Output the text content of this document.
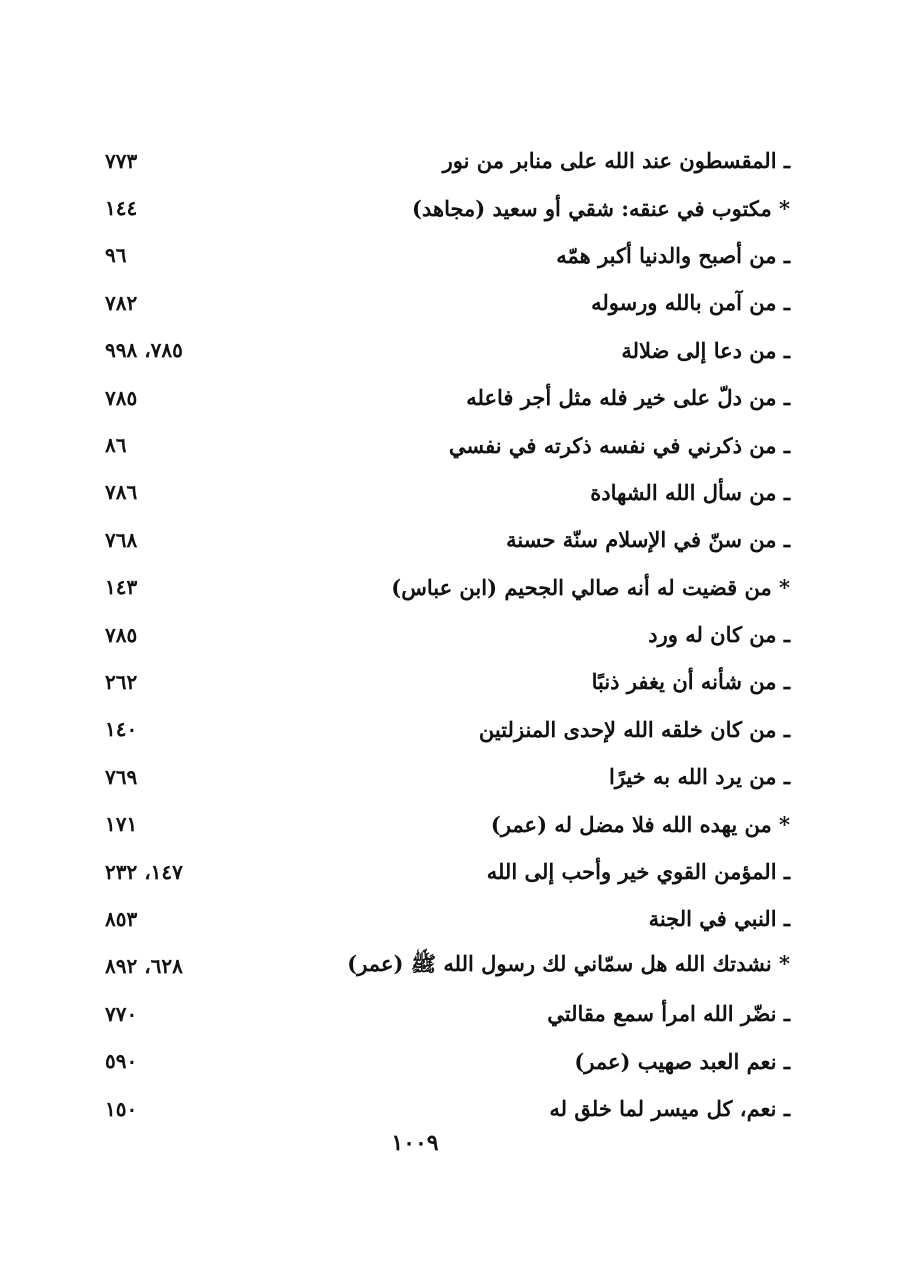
٧٧٣	ـ المقسطون عند الله على منابر من نور
١٤٤	* مكتوب في عنقه: شقي أو سعيد (مجاهد)
٩٦	ـ من أصبح والدنيا أكبر همّه
٧٨٢	ـ من آمن بالله ورسوله
٧٨٥، ٩٩٨	ـ من دعا إلى ضلالة
٧٨٥	ـ من دلّ على خير فله مثل أجر فاعله
٨٦	ـ من ذكرني في نفسه ذكرته في نفسي
٧٨٦	ـ من سأل الله الشهادة
٧٦٨	ـ من سنّ في الإسلام سنّة حسنة
١٤٣	* من قضيت له أنه صالي الجحيم (ابن عباس)
٧٨٥	ـ من كان له ورد
٢٦٢	ـ من شأنه أن يغفر ذنبًا
١٤٠	ـ من كان خلقه الله لإحدى المنزلتين
٧٦٩	ـ من يرد الله به خيرًا
١٧١	* من يهده الله فلا مضل له (عمر)
١٤٧، ٢٣٢	ـ المؤمن القوي خير وأحب إلى الله
٨٥٣	ـ النبي في الجنة
٦٢٨، ٨٩٢	* نشدتك الله هل سمّاني لك رسول الله ﷺ (عمر)
٧٧٠	ـ نضّر الله امرأ سمع مقالتي
٥٩٠	ـ نعم العبد صهيب (عمر)
١٥٠	ـ نعم، كل ميسر لما خلق له
١٠٠٩
